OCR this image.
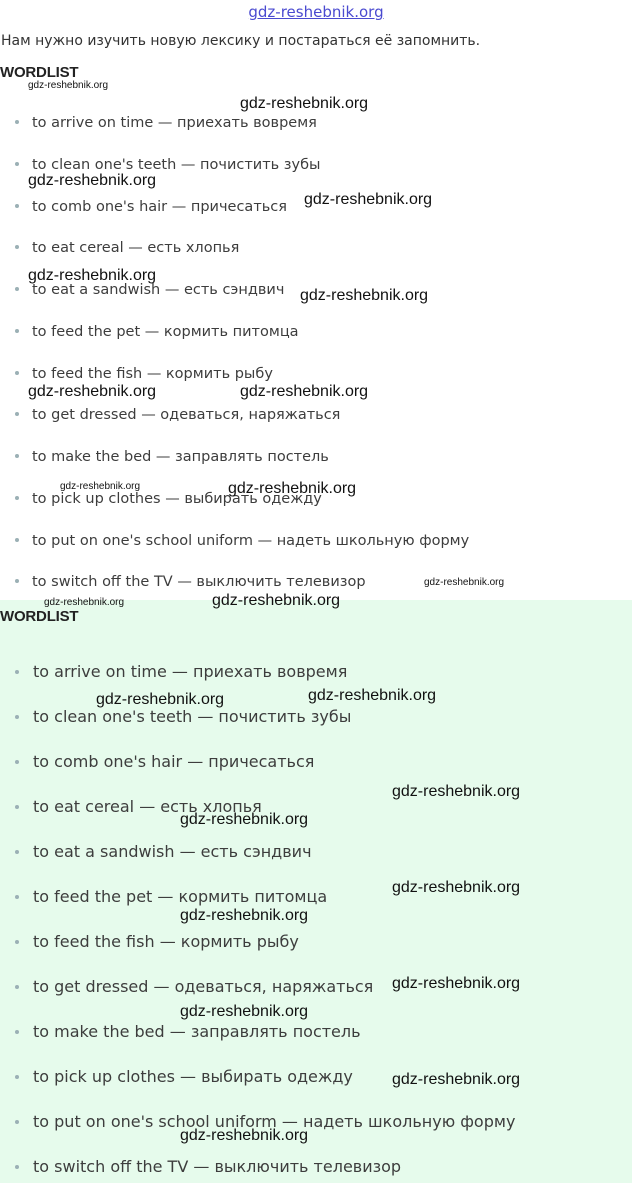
gdz-reshebnik.org
Нам нужно изучить новую лексику и постараться её запомнить.
WORDLIST
to arrive on time — приехать вовремя
to clean one's teeth — почистить зубы
to comb one's hair — причесаться
to eat cereal — есть хлопья
to eat a sandwish — есть сэндвич
to feed the pet — кормить питомца
to feed the fish — кормить рыбу
to get dressed — одеваться, наряжаться
to make the bed — заправлять постель
to pick up clothes — выбирать одежду
to put on one's school uniform — надеть школьную форму
to switch off the TV — выключить телевизор
WORDLIST
to arrive on time — приехать вовремя
to clean one's teeth — почистить зубы
to comb one's hair — причесаться
to eat cereal — есть хлопья
to eat a sandwish — есть сэндвич
to feed the pet — кормить питомца
to feed the fish — кормить рыбу
to get dressed — одеваться, наряжаться
to make the bed — заправлять постель
to pick up clothes — выбирать одежду
to put on one's school uniform — надеть школьную форму
to switch off the TV — выключить телевизор
gdz-reshebnik.org
gdz-reshebnik.org
gdz-reshebnik.org
gdz-reshebnik.org
gdz-reshebnik.org
gdz-reshebnik.org
gdz-reshebnik.org	gdz-reshebnik.org
gdz-reshebnik.org	gdz-reshebnik.org
gdz-reshebnik.org
gdz-reshebnik.org	gdz-reshebnik.org
gdz-reshebnik.org	gdz-reshebnik.org
gdz-reshebnik.org
gdz-reshebnik.org
gdz-reshebnik.org
gdz-reshebnik.org
gdz-reshebnik.org
gdz-reshebnik.org
gdz-reshebnik.org
gdz-reshebnik.org
